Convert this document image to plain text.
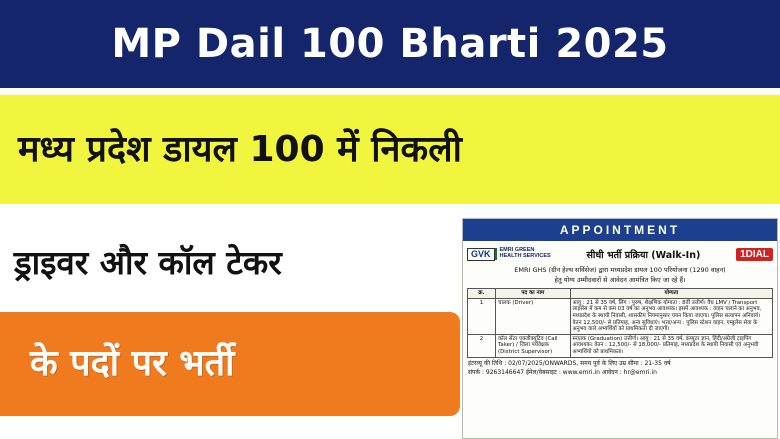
MP Dail 100 Bharti 2025
मध्य प्रदेश डायल 100 में निकली
ड्राइवर और कॉल टेकर
के पदों पर भर्ती
APPOINTMENT
GVK	EMRI GREEN
HEALTH SERVICES	सीधी भर्ती प्रक्रिया (Walk-In)	1DIAL
EMRI GHS (ग्रीन हेल्थ सर्विसेज) द्वारा मध्यप्रदेश डायल 100 परियोजना (1290 वाहन)
हेतु योग्य उम्मीदवारों से आवेदन आमंत्रित किए जा रहे हैं।
क्र.	पद का नाम	योग्यता
1	चालक (Driver)	आयु : 21 से 35 वर्ष, लिंग : पुरुष, शैक्षणिक योग्यता : 8वीं उत्तीर्ण। वैध LMV / Transport लाइसेंस में कम से कम 03 वर्ष का अनुभव आवश्यक। इसमें आवश्यक : वाहन चलाने का अनुभव, मध्यप्रदेश के स्थायी निवासी, शासकीय नियमानुसार चयन किया जाएगा। पुलिस सत्यापन अनिवार्य। वेतन 12,500/- से प्रतिमाह, अन्य सुविधाएं। भत्ता/अन्य : पुलिस स्टेशन वाहन, एम्बुलेंस सेवा के अनुभव वाले अभ्यर्थियों को प्राथमिकता दी जाएगी।
2	कॉल सेंटर एक्जीक्यूटिव (Call Taker) / जिला पर्यवेक्षक (District Supervisor)	स्नातक (Graduation) उत्तीर्ण। आयु : 21 से 35 वर्ष, कंप्यूटर ज्ञान, हिंदी/अंग्रेजी टाइपिंग आवश्यक। वेतन : 12,500/- से 18,000/- प्रतिमाह, मध्यप्रदेश के स्थायी निवासी एवं अनुभवी अभ्यर्थियों को प्राथमिकता।
इंटरव्यू की तिथि : 02/07/2025/ONWARDS, समय पूर्व के लिए उम्र सीमा : 21-35 वर्ष
संपर्क : 9263146647 ईमेल/वेबसाइट : www.emri.in आवेदन : hr@emri.in
